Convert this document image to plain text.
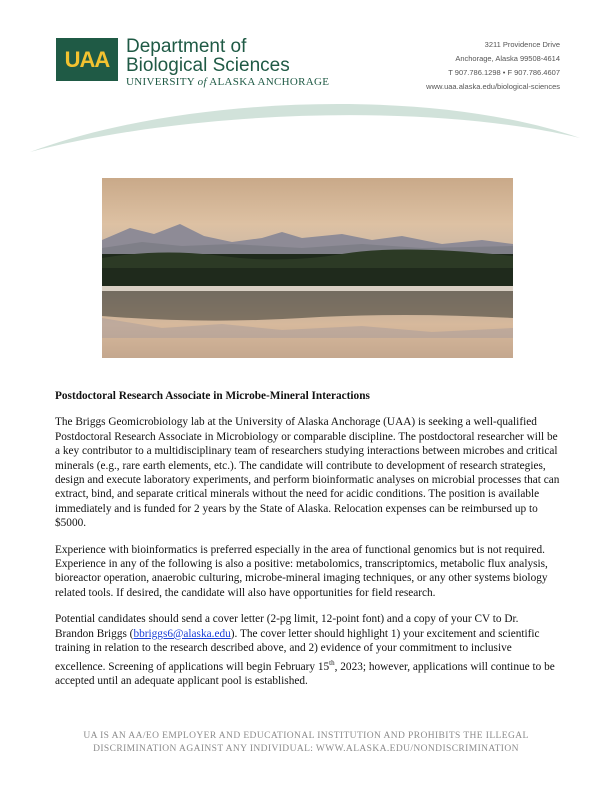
UAA Department of
Biological Sciences
UNIVERSITY of ALASKA ANCHORAGE
3211 Providence Drive
Anchorage, Alaska 99508-4614
T 907.786.1298 • F 907.786.4607
www.uaa.alaska.edu/biological-sciences
Postdoctoral Research Associate in Microbe-Mineral Interactions

The Briggs Geomicrobiology lab at the University of Alaska Anchorage (UAA) is seeking a well-qualified Postdoctoral Research Associate in Microbiology or comparable discipline. The postdoctoral researcher will be a key contributor to a multidisciplinary team of researchers studying interactions between microbes and critical minerals (e.g., rare earth elements, etc.). The candidate will contribute to development of research strategies, design and execute laboratory experiments, and perform bioinformatic analyses on microbial processes that can extract, bind, and separate critical minerals without the need for acidic conditions. The position is available immediately and is funded for 2 years by the State of Alaska. Relocation expenses can be reimbursed up to $5000.

Experience with bioinformatics is preferred especially in the area of functional genomics but is not required. Experience in any of the following is also a positive: metabolomics, transcriptomics, metabolic flux analysis, bioreactor operation, anaerobic culturing, microbe-mineral imaging techniques, or any other systems biology related tools. If desired, the candidate will also have opportunities for field research.

Potential candidates should send a cover letter (2-pg limit, 12-point font) and a copy of your CV to Dr. Brandon Briggs (bbriggs6@alaska.edu). The cover letter should highlight 1) your excitement and scientific training in relation to the research described above, and 2) evidence of your commitment to inclusive excellence. Screening of applications will begin February 15th, 2023; however, applications will continue to be accepted until an adequate applicant pool is established.

UA IS AN AA/EO EMPLOYER AND EDUCATIONAL INSTITUTION AND PROHIBITS THE ILLEGAL
DISCRIMINATION AGAINST ANY INDIVIDUAL: WWW.ALASKA.EDU/NONDISCRIMINATION
